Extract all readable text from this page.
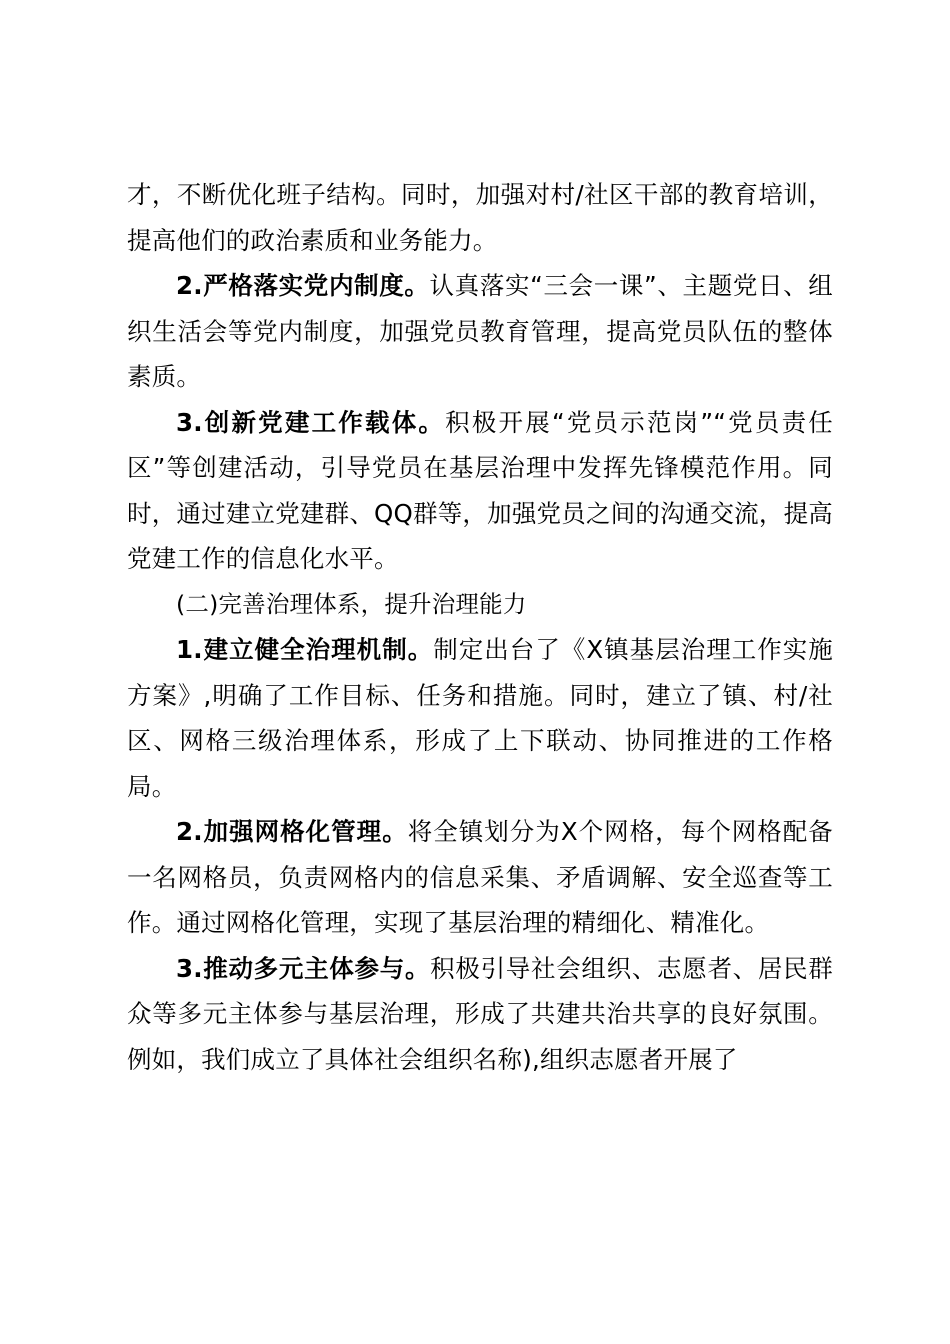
才，不断优化班子结构。同时，加强对村/社区干部的教育培训，提高他们的政治素质和业务能力。

2.严格落实党内制度。认真落实“三会一课”、主题党日、组织生活会等党内制度，加强党员教育管理，提高党员队伍的整体素质。

3.创新党建工作载体。积极开展“党员示范岗”“党员责任区”等创建活动，引导党员在基层治理中发挥先锋模范作用。同时，通过建立党建群、QQ群等，加强党员之间的沟通交流，提高党建工作的信息化水平。

(二)完善治理体系，提升治理能力

1.建立健全治理机制。制定出台了《X镇基层治理工作实施方案》,明确了工作目标、任务和措施。同时，建立了镇、村/社区、网格三级治理体系，形成了上下联动、协同推进的工作格局。

2.加强网格化管理。将全镇划分为X个网格，每个网格配备一名网格员，负责网格内的信息采集、矛盾调解、安全巡查等工作。通过网格化管理，实现了基层治理的精细化、精准化。

3.推动多元主体参与。积极引导社会组织、志愿者、居民群众等多元主体参与基层治理，形成了共建共治共享的良好氛围。例如，我们成立了具体社会组织名称),组织志愿者开展了
